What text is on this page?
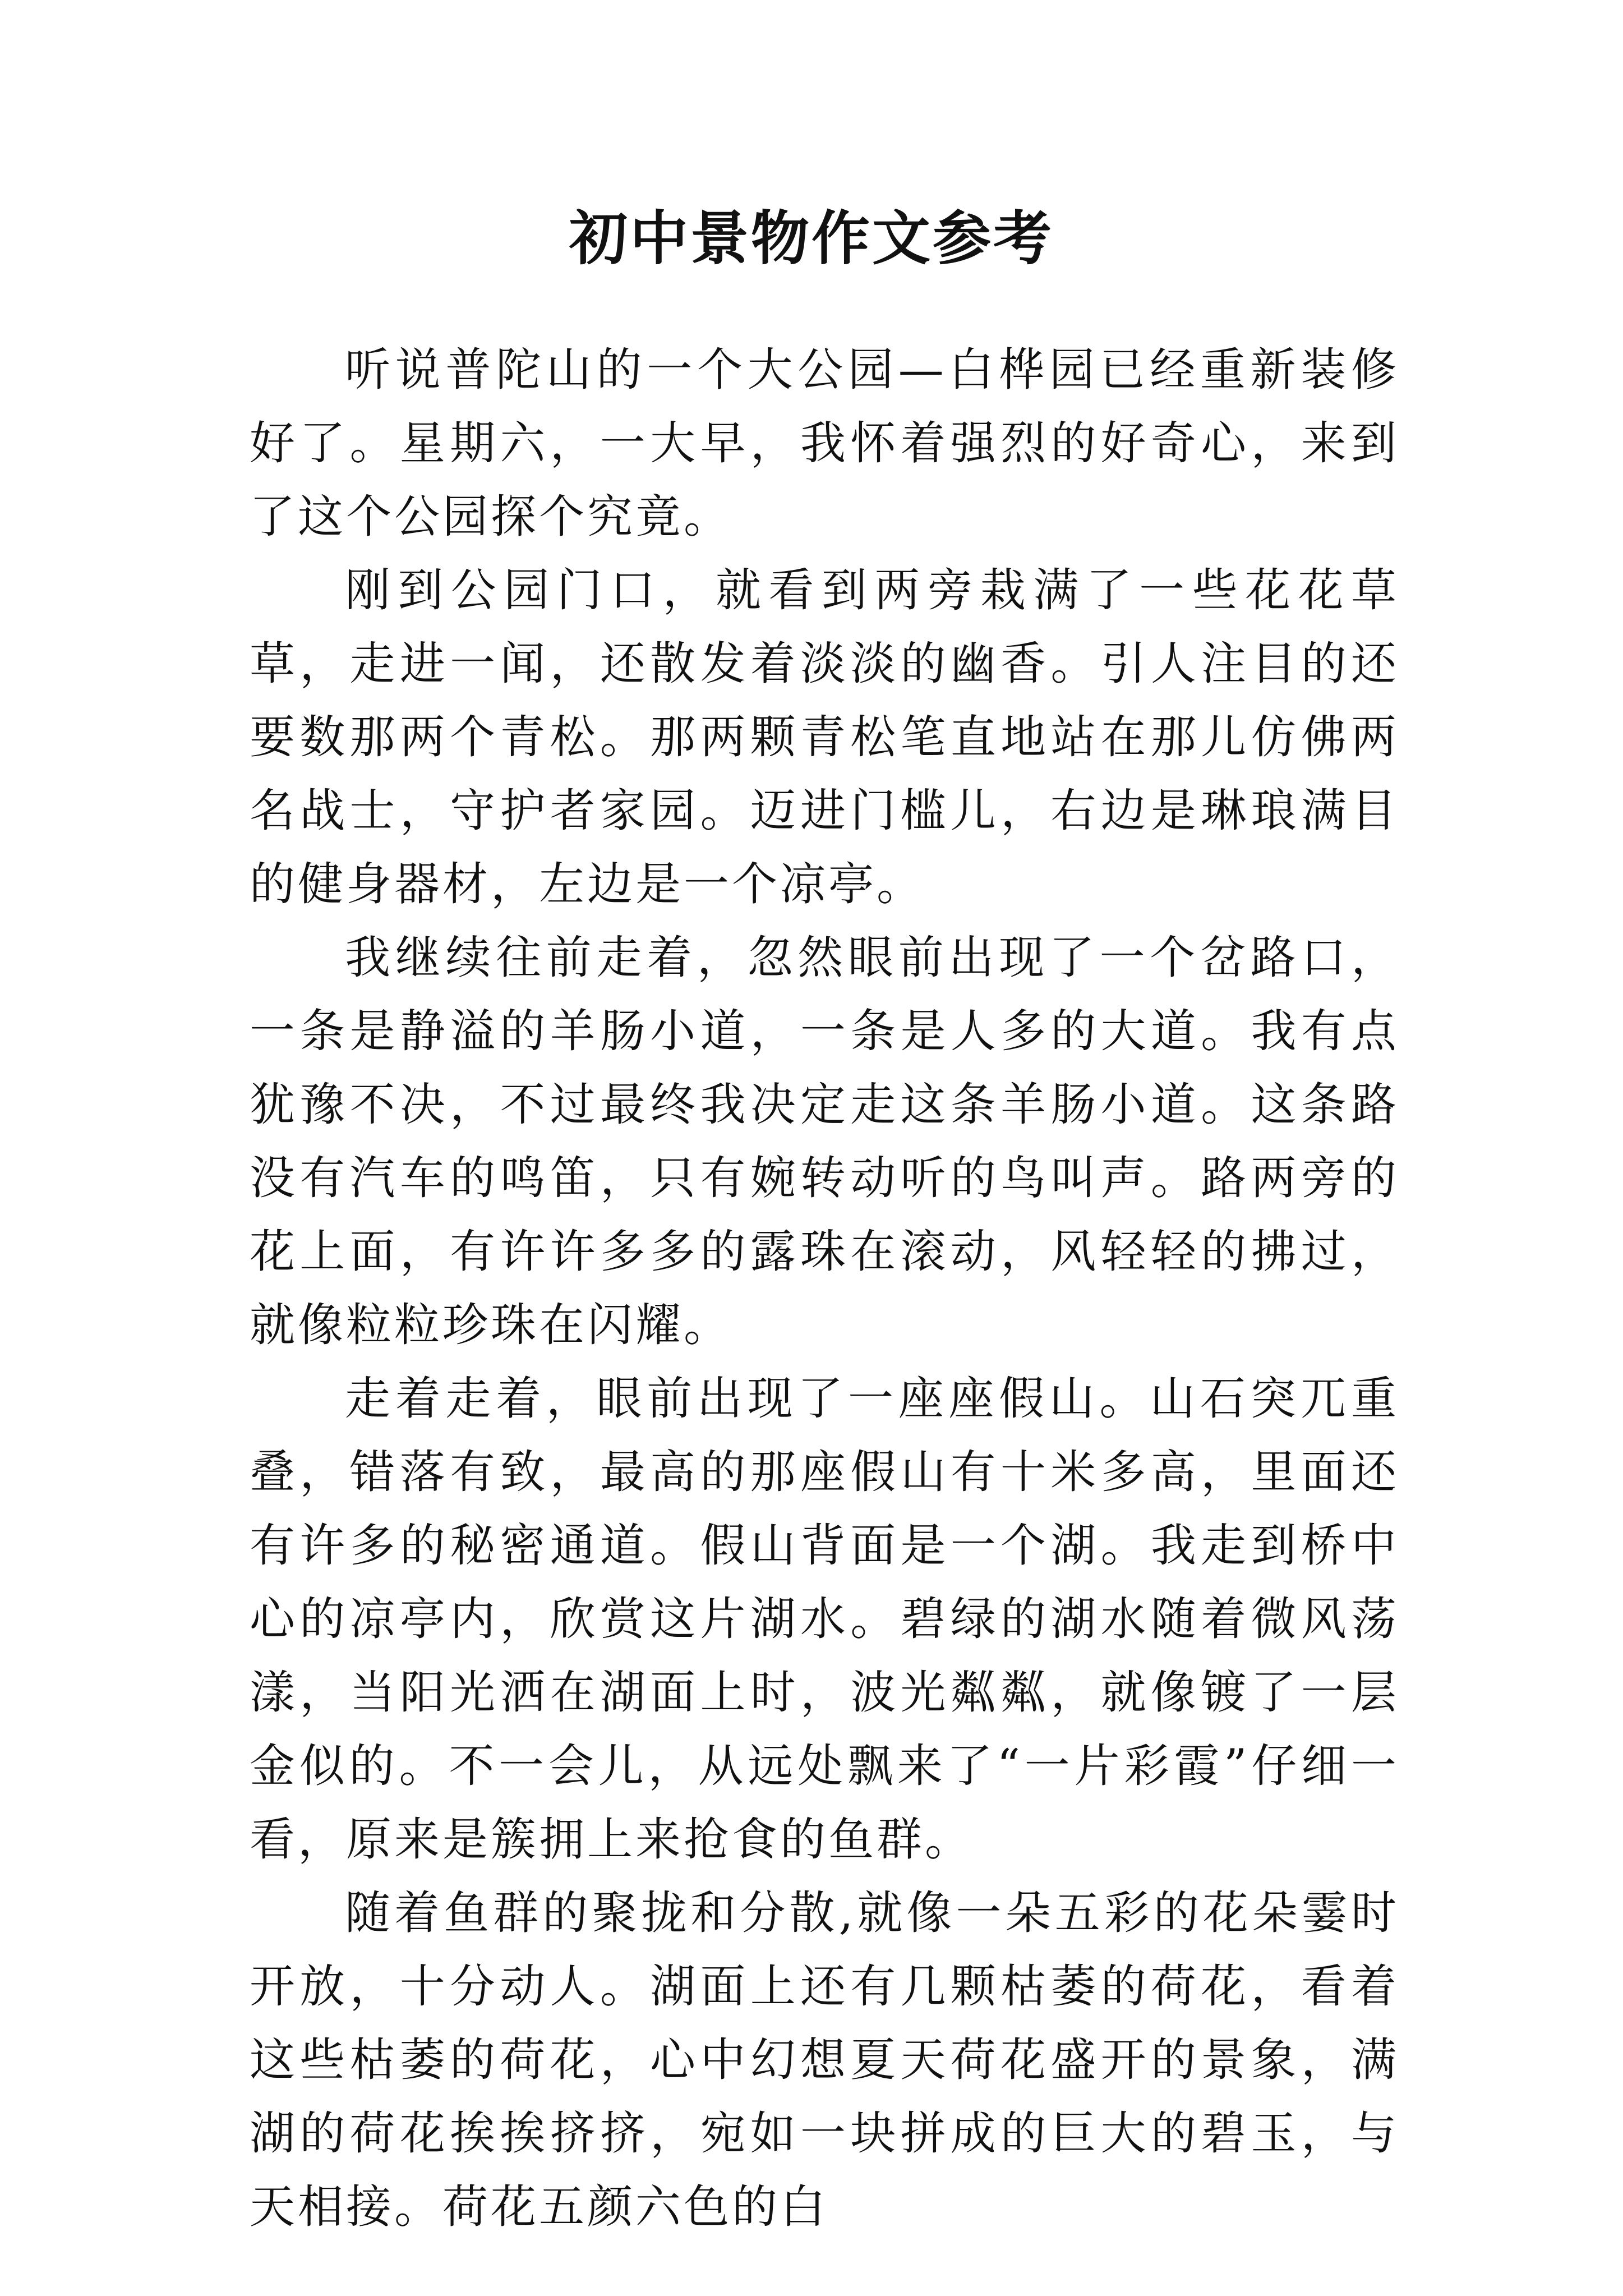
初中景物作文参考

听说普陀山的一个大公园—白桦园已经重新装修好了。星期六，一大早，我怀着强烈的好奇心，来到了这个公园探个究竟。

刚到公园门口，就看到两旁栽满了一些花花草草，走进一闻，还散发着淡淡的幽香。引人注目的还要数那两个青松。那两颗青松笔直地站在那儿仿佛两名战士，守护者家园。迈进门槛儿，右边是琳琅满目的健身器材，左边是一个凉亭。

我继续往前走着，忽然眼前出现了一个岔路口，一条是静溢的羊肠小道，一条是人多的大道。我有点犹豫不决，不过最终我决定走这条羊肠小道。这条路没有汽车的鸣笛，只有婉转动听的鸟叫声。路两旁的花上面，有许许多多的露珠在滚动，风轻轻的拂过，就像粒粒珍珠在闪耀。

走着走着，眼前出现了一座座假山。山石突兀重叠，错落有致，最高的那座假山有十米多高，里面还有许多的秘密通道。假山背面是一个湖。我走到桥中心的凉亭内，欣赏这片湖水。碧绿的湖水随着微风荡漾，当阳光洒在湖面上时，波光粼粼，就像镀了一层金似的。不一会儿，从远处飘来了“一片彩霞”仔细一看，原来是簇拥上来抢食的鱼群。

随着鱼群的聚拢和分散,就像一朵五彩的花朵霎时开放，十分动人。湖面上还有几颗枯萎的荷花，看着这些枯萎的荷花，心中幻想夏天荷花盛开的景象，满湖的荷花挨挨挤挤，宛如一块拼成的巨大的碧玉，与天相接。荷花五颜六色的白
